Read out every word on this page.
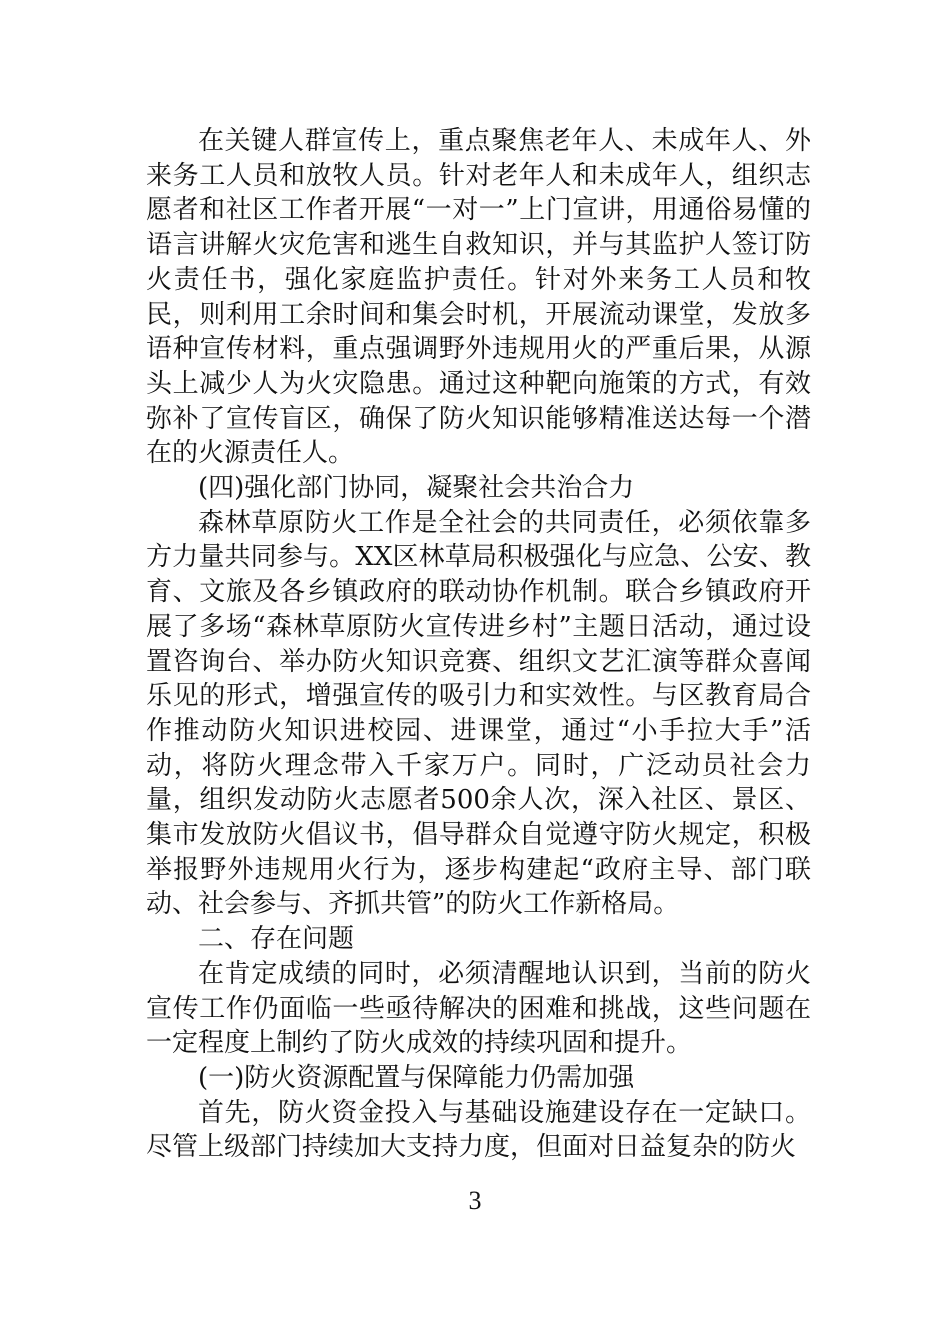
在关键人群宣传上，重点聚焦老年人、未成年人、外来务工人员和放牧人员。针对老年人和未成年人，组织志愿者和社区工作者开展“一对一”上门宣讲，用通俗易懂的语言讲解火灾危害和逃生自救知识，并与其监护人签订防火责任书，强化家庭监护责任。针对外来务工人员和牧民，则利用工余时间和集会时机，开展流动课堂，发放多语种宣传材料，重点强调野外违规用火的严重后果，从源头上减少人为火灾隐患。通过这种靶向施策的方式，有效弥补了宣传盲区，确保了防火知识能够精准送达每一个潜在的火源责任人。

(四)强化部门协同，凝聚社会共治合力

森林草原防火工作是全社会的共同责任，必须依靠多方力量共同参与。XX区林草局积极强化与应急、公安、教育、文旅及各乡镇政府的联动协作机制。联合乡镇政府开展了多场“森林草原防火宣传进乡村”主题日活动，通过设置咨询台、举办防火知识竞赛、组织文艺汇演等群众喜闻乐见的形式，增强宣传的吸引力和实效性。与区教育局合作推动防火知识进校园、进课堂，通过“小手拉大手”活动，将防火理念带入千家万户。同时，广泛动员社会力量，组织发动防火志愿者500余人次，深入社区、景区、集市发放防火倡议书，倡导群众自觉遵守防火规定，积极举报野外违规用火行为，逐步构建起“政府主导、部门联动、社会参与、齐抓共管”的防火工作新格局。

二、存在问题

在肯定成绩的同时，必须清醒地认识到，当前的防火宣传工作仍面临一些亟待解决的困难和挑战，这些问题在一定程度上制约了防火成效的持续巩固和提升。

(一)防火资源配置与保障能力仍需加强

首先，防火资金投入与基础设施建设存在一定缺口。尽管上级部门持续加大支持力度，但面对日益复杂的防火

3
